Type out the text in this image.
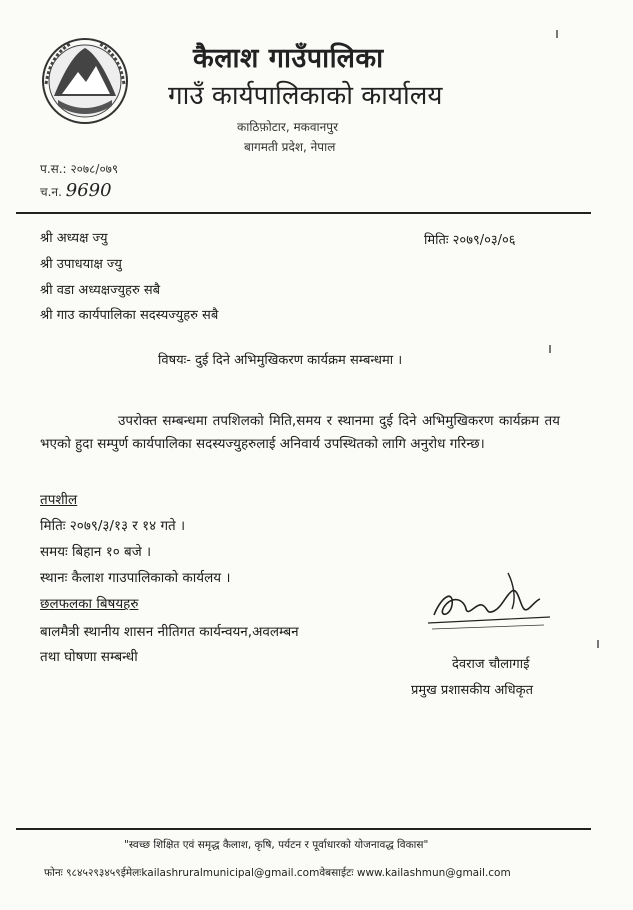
कैलाश गाउँपालिका
गाउँ कार्यपालिकाको कार्यालय
काठिफ़ोटार, मकवानपुर
बागमती प्रदेश, नेपाल
प.स.: २०७८/०७९
च.न. 9690
श्री अध्यक्ष ज्यु
श्री उपाधयाक्ष ज्यु
श्री वडा अध्यक्षज्युहरु सबै
श्री गाउ कार्यपालिका सदस्यज्युहरु सबै
मितिः २०७९/०३/०६
विषयः- दुई दिने अभिमुखिकरण कार्यक्रम सम्बन्धमा ।
उपरोक्त सम्बन्धमा तपशिलको मिति,समय र स्थानमा दुई दिने अभिमुखिकरण कार्यक्रम तय भएको हुदा सम्पुर्ण कार्यपालिका सदस्यज्युहरुलाई अनिवार्य उपस्थितको लागि अनुरोध गरिन्छ।
तपशील
मितिः २०७९/३/१३ र १४ गते ।
समयः बिहान १० बजे ।
स्थानः कैलाश गाउपालिकाको कार्यलय ।
छलफलका बिषयहरु
बालमैत्री स्थानीय शासन नीतिगत कार्यन्वयन,अवलम्बन
तथा घोषणा सम्बन्धी	देवराज चौलागाई
प्रमुख प्रशासकीय अधिकृत
"स्वच्छ शिक्षित एवं समृद्ध कैलाश, कृषि, पर्यटन र पूर्वाधारको योजनावद्ध विकास"
फोनः ९८४५२९३४५९ईमेलःkailashruralmunicipal@gmail.comवेबसाईटः www.kailashmun@gmail.com
